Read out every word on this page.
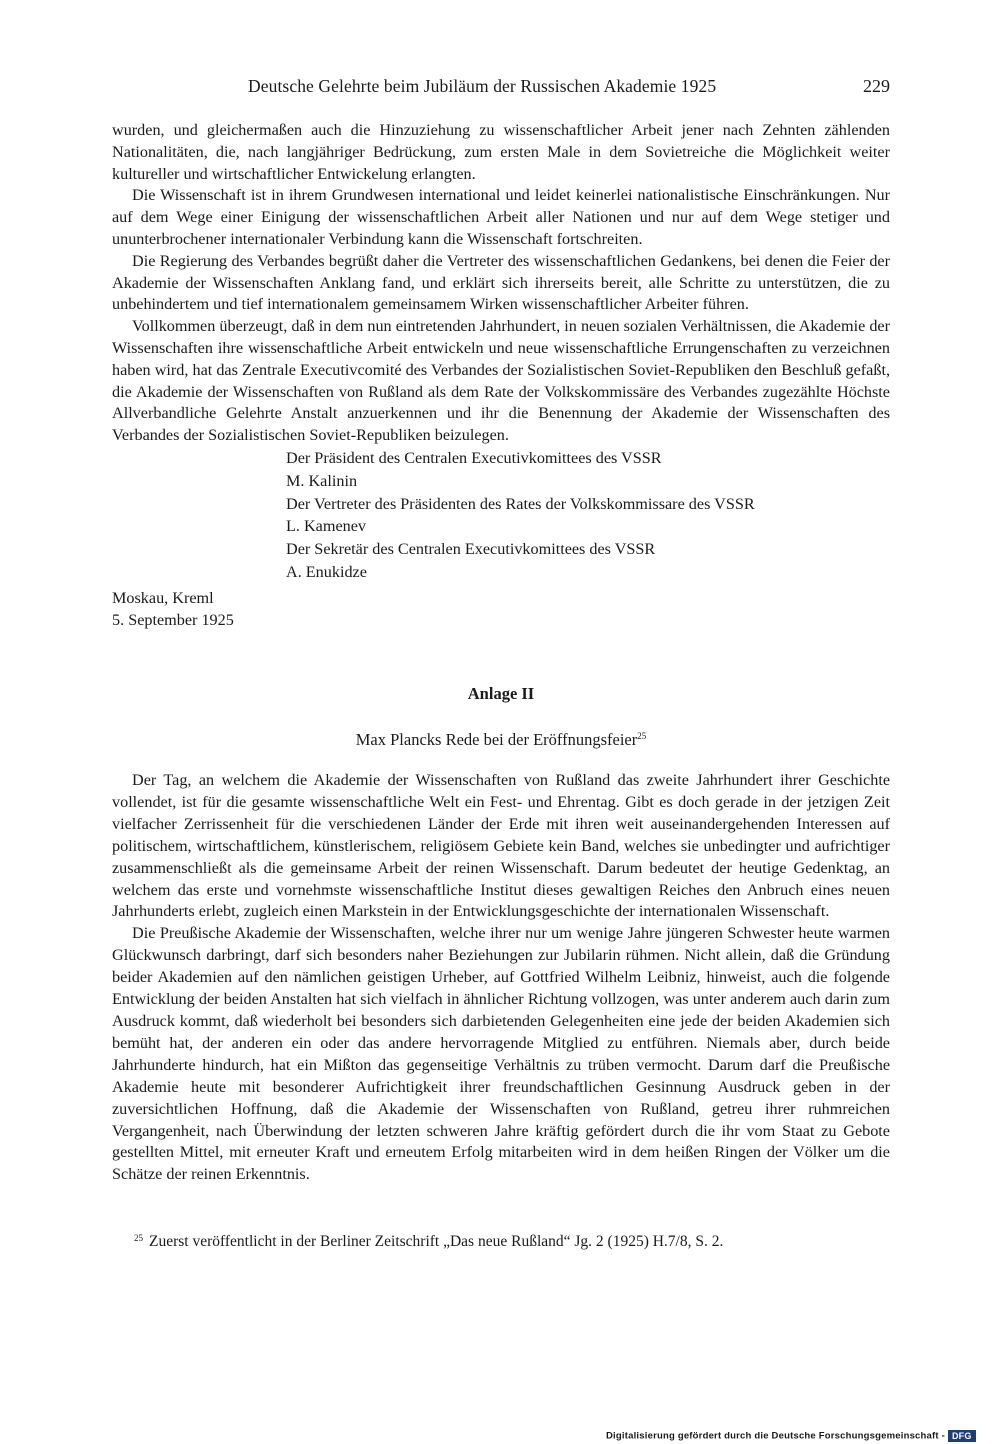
Deutsche Gelehrte beim Jubiläum der Russischen Akademie 1925	229

wurden, und gleichermaßen auch die Hinzuziehung zu wissenschaftlicher Arbeit jener nach Zehnten zählenden Nationalitäten, die, nach langjähriger Bedrückung, zum ersten Male in dem Sovietreiche die Möglichkeit weiter kultureller und wirtschaftlicher Entwickelung erlangten.

Die Wissenschaft ist in ihrem Grundwesen international und leidet keinerlei nationalistische Einschränkungen. Nur auf dem Wege einer Einigung der wissenschaftlichen Arbeit aller Nationen und nur auf dem Wege stetiger und ununterbrochener internationaler Verbindung kann die Wissenschaft fortschreiten.

Die Regierung des Verbandes begrüßt daher die Vertreter des wissenschaftlichen Gedankens, bei denen die Feier der Akademie der Wissenschaften Anklang fand, und erklärt sich ihrerseits bereit, alle Schritte zu unterstützen, die zu unbehindertem und tief internationalem gemeinsamem Wirken wissenschaftlicher Arbeiter führen.

Vollkommen überzeugt, daß in dem nun eintretenden Jahrhundert, in neuen sozialen Verhältnissen, die Akademie der Wissenschaften ihre wissenschaftliche Arbeit entwickeln und neue wissenschaftliche Errungenschaften zu verzeichnen haben wird, hat das Zentrale Executivcomité des Verbandes der Sozialistischen Soviet-Republiken den Beschluß gefaßt, die Akademie der Wissenschaften von Rußland als dem Rate der Volkskommissäre des Verbandes zugezählte Höchste Allverbandliche Gelehrte Anstalt anzuerkennen und ihr die Benennung der Akademie der Wissenschaften des Verbandes der Sozialistischen Soviet-Republiken beizulegen.

Der Präsident des Centralen Executivkomittees des VSSR
M. Kalinin
Der Vertreter des Präsidenten des Rates der Volkskommissare des VSSR
L. Kamenev
Der Sekretär des Centralen Executivkomittees des VSSR
A. Enukidze
Moskau, Kreml
5. September 1925
Anlage II
Max Plancks Rede bei der Eröffnungsfeier$^{25}$

Der Tag, an welchem die Akademie der Wissenschaften von Rußland das zweite Jahrhundert ihrer Geschichte vollendet, ist für die gesamte wissenschaftliche Welt ein Fest- und Ehrentag. Gibt es doch gerade in der jetzigen Zeit vielfacher Zerrissenheit für die verschiedenen Länder der Erde mit ihren weit auseinandergehenden Interessen auf politischem, wirtschaftlichem, künstlerischem, religiösem Gebiete kein Band, welches sie unbedingter und aufrichtiger zusammenschließt als die gemeinsame Arbeit der reinen Wissenschaft. Darum bedeutet der heutige Gedenktag, an welchem das erste und vornehmste wissenschaftliche Institut dieses gewaltigen Reiches den Anbruch eines neuen Jahrhunderts erlebt, zugleich einen Markstein in der Entwicklungsgeschichte der internationalen Wissenschaft.

Die Preußische Akademie der Wissenschaften, welche ihrer nur um wenige Jahre jüngeren Schwester heute warmen Glückwunsch darbringt, darf sich besonders naher Beziehungen zur Jubilarin rühmen. Nicht allein, daß die Gründung beider Akademien auf den nämlichen geistigen Urheber, auf Gottfried Wilhelm Leibniz, hinweist, auch die folgende Entwicklung der beiden Anstalten hat sich vielfach in ähnlicher Richtung vollzogen, was unter anderem auch darin zum Ausdruck kommt, daß wiederholt bei besonders sich darbietenden Gelegenheiten eine jede der beiden Akademien sich bemüht hat, der anderen ein oder das andere hervorragende Mitglied zu entführen. Niemals aber, durch beide Jahrhunderte hindurch, hat ein Mißton das gegenseitige Verhältnis zu trüben vermocht. Darum darf die Preußische Akademie heute mit besonderer Aufrichtigkeit ihrer freundschaftlichen Gesinnung Ausdruck geben in der zuversichtlichen Hoffnung, daß die Akademie der Wissenschaften von Rußland, getreu ihrer ruhmreichen Vergangenheit, nach Überwindung der letzten schweren Jahre kräftig gefördert durch die ihr vom Staat zu Gebote gestellten Mittel, mit erneuter Kraft und erneutem Erfolg mitarbeiten wird in dem heißen Ringen der Völker um die Schätze der reinen Erkenntnis.

$^{25}$ Zuerst veröffentlicht in der Berliner Zeitschrift „Das neue Rußland“ Jg. 2 (1925) H.7/8, S. 2.
Digitalisierung gefördert durch die Deutsche Forschungsgemeinschaft - DFG
